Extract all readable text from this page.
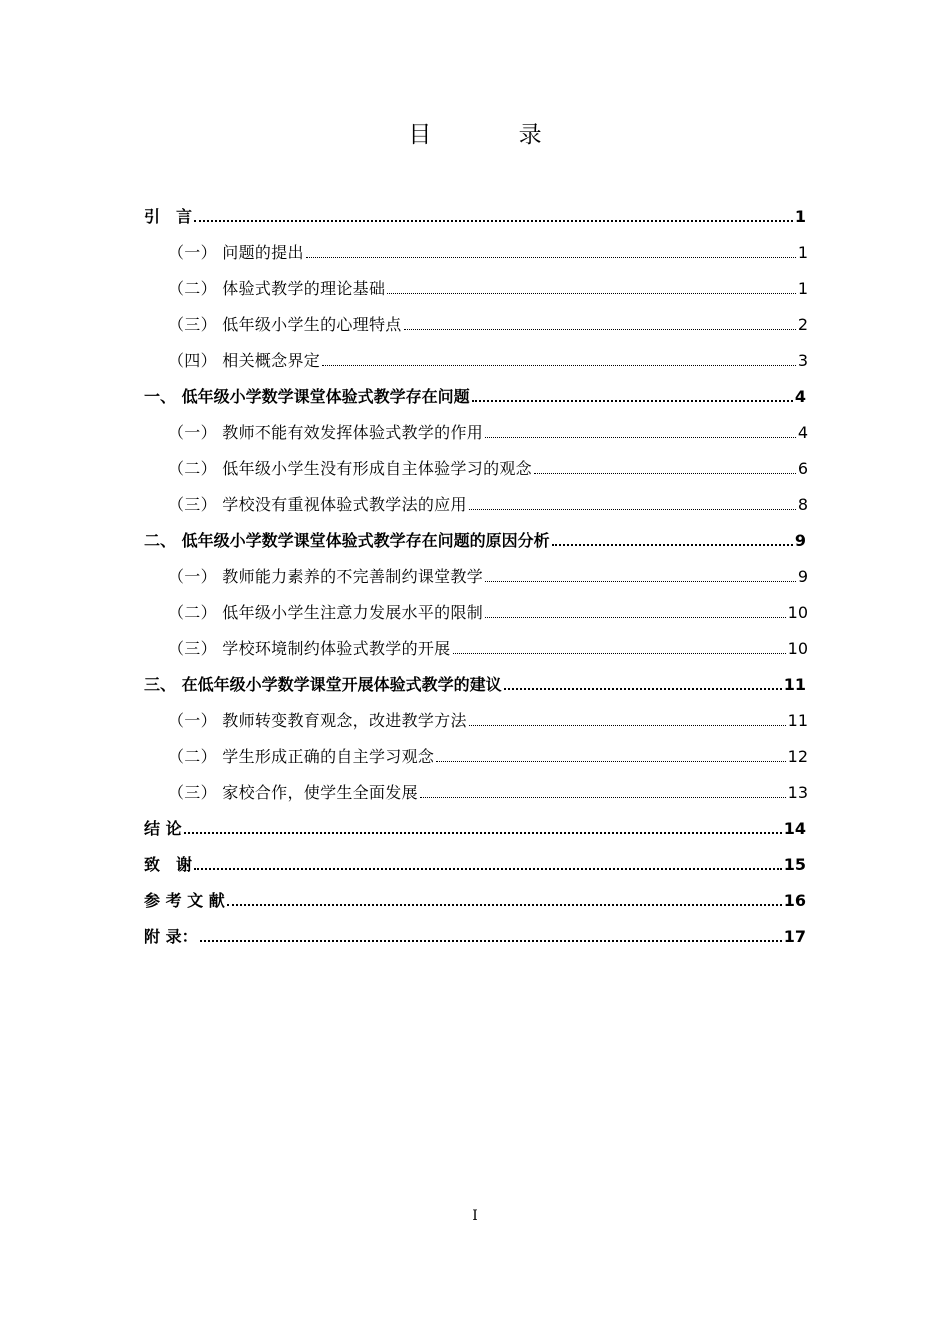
目 录
引　言	1
（一） 问题的提出	1
（二） 体验式教学的理论基础	1
（三） 低年级小学生的心理特点	2
（四） 相关概念界定	3
一、 低年级小学数学课堂体验式教学存在问题	4
（一） 教师不能有效发挥体验式教学的作用	4
（二） 低年级小学生没有形成自主体验学习的观念	6
（三） 学校没有重视体验式教学法的应用	8
二、 低年级小学数学课堂体验式教学存在问题的原因分析	9
（一） 教师能力素养的不完善制约课堂教学	9
（二） 低年级小学生注意力发展水平的限制	10
（三） 学校环境制约体验式教学的开展	10
三、 在低年级小学数学课堂开展体验式教学的建议	11
（一） 教师转变教育观念，改进教学方法	11
（二） 学生形成正确的自主学习观念	12
（三） 家校合作，使学生全面发展	13
结 论	14
致　谢	15
参 考 文 献	16
附 录：	17
I
